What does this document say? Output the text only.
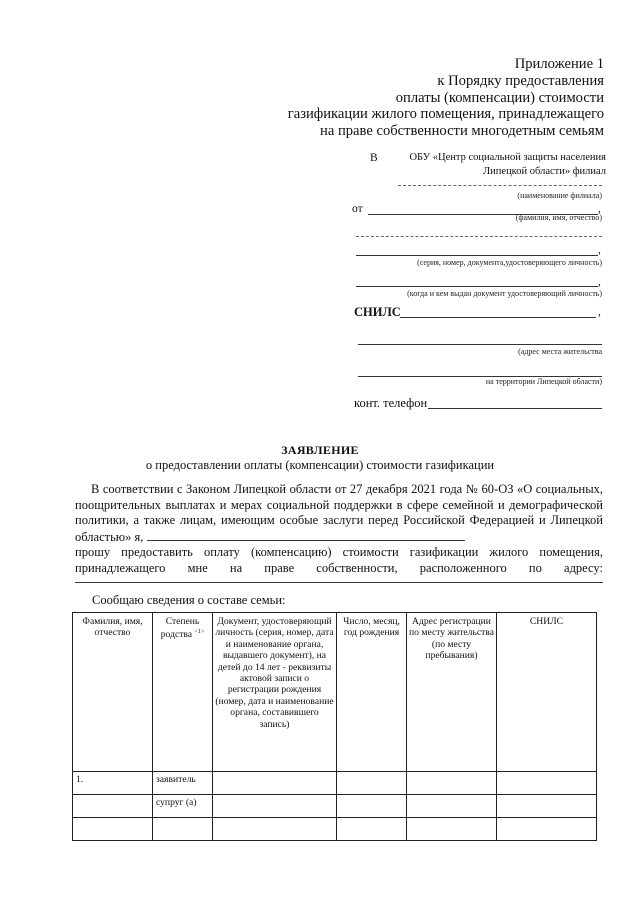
Приложение 1
к Порядку предоставления
оплаты (компенсации) стоимости
газификации жилого помещения, принадлежащего
на праве собственности многодетным семьям
В	ОБУ «Центр социальной защиты населения
Липецкой области» филиал
(наименование филиала)
от	,
(фамилия, имя, отчество)
,
(серия, номер, документа,удостоверяющего личность)
,
(когда и кем выдан документ удостоверяющий личность)
СНИЛС	,
(адрес места жительства
на территории Липецкой области)
конт. телефон
ЗАЯВЛЕНИЕ
о предоставлении оплаты (компенсации) стоимости газификации
В соответствии с Законом Липецкой области от 27 декабря 2021 года № 60-ОЗ «О социальных, поощрительных выплатах и мерах социальной поддержки в сфере семейной и демографической политики, а также лицам, имеющим особые заслуги перед Российской Федерацией и Липецкой областью» я,
прошу предоставить оплату (компенсацию) стоимости газификации жилого помещения, принадлежащего мне на праве собственности, расположенного по адресу:
Сообщаю сведения о составе семьи:
Фамилия, имя, отчество	Степень родства $^{<1>}$	Документ, удостоверяющий личность (серия, номер, дата и наименование органа, выдавшего документ), на детей до 14 лет - реквизиты актовой записи о регистрации рождения (номер, дата и наименование органа, составившего запись)	Число, месяц, год рождения	Адрес регистрации по месту жительства (по месту пребывания)	СНИЛС
1.	заявитель				
	супруг (а)				
